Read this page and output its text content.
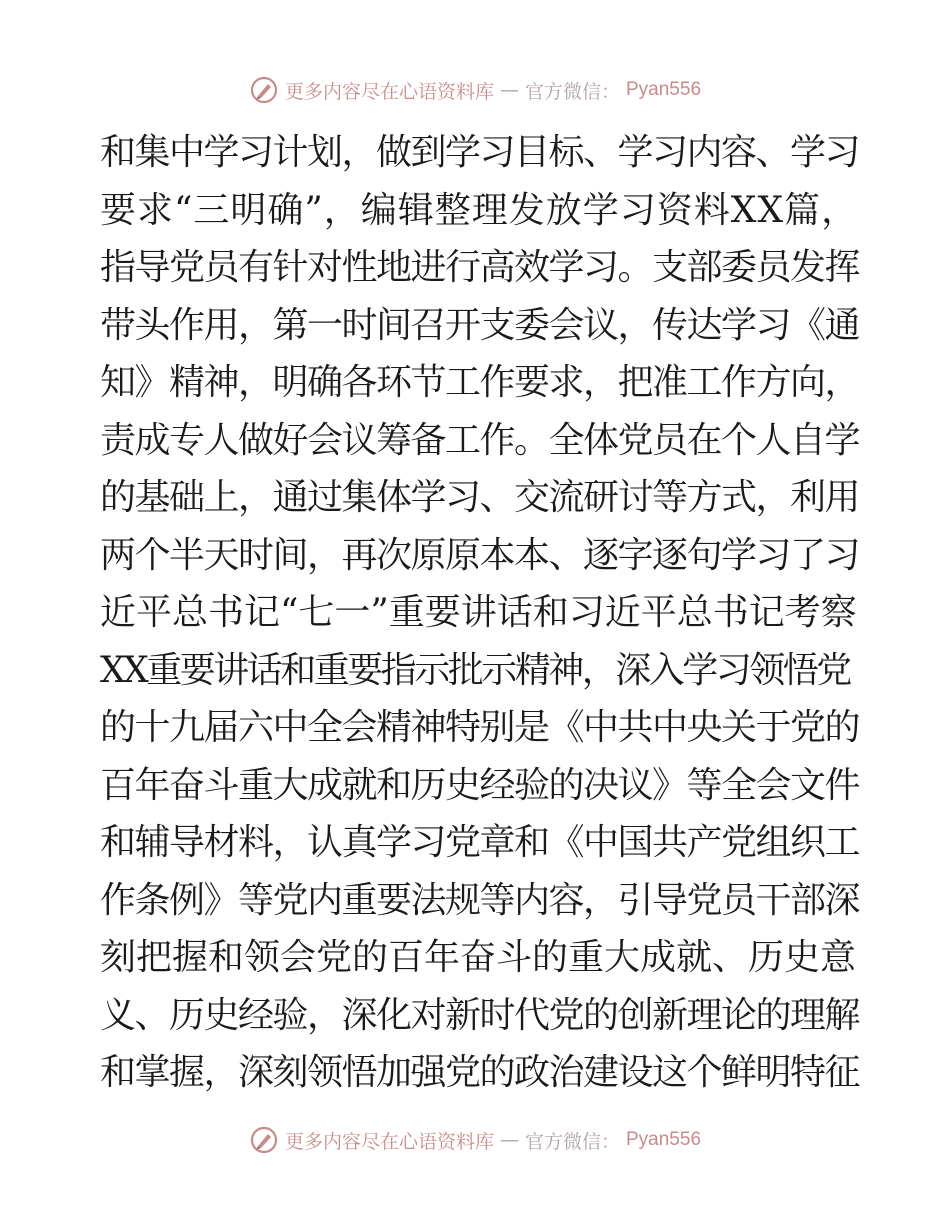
更多内容尽在心语资料库 — 官方微信： Pyan556
和集中学习计划，做到学习目标、学习内容、学习
要求“三明确”，编辑整理发放学习资料XX篇，
指导党员有针对性地进行高效学习。支部委员发挥
带头作用，第一时间召开支委会议，传达学习《通
知》精神，明确各环节工作要求，把准工作方向，
责成专人做好会议筹备工作。全体党员在个人自学
的基础上，通过集体学习、交流研讨等方式，利用
两个半天时间，再次原原本本、逐字逐句学习了习
近平总书记“七一”重要讲话和习近平总书记考察
XX重要讲话和重要指示批示精神，深入学习领悟党
的十九届六中全会精神特别是《中共中央关于党的
百年奋斗重大成就和历史经验的决议》等全会文件
和辅导材料，认真学习党章和《中国共产党组织工
作条例》等党内重要法规等内容，引导党员干部深
刻把握和领会党的百年奋斗的重大成就、历史意
义、历史经验，深化对新时代党的创新理论的理解
和掌握，深刻领悟加强党的政治建设这个鲜明特征
更多内容尽在心语资料库 — 官方微信： Pyan556
